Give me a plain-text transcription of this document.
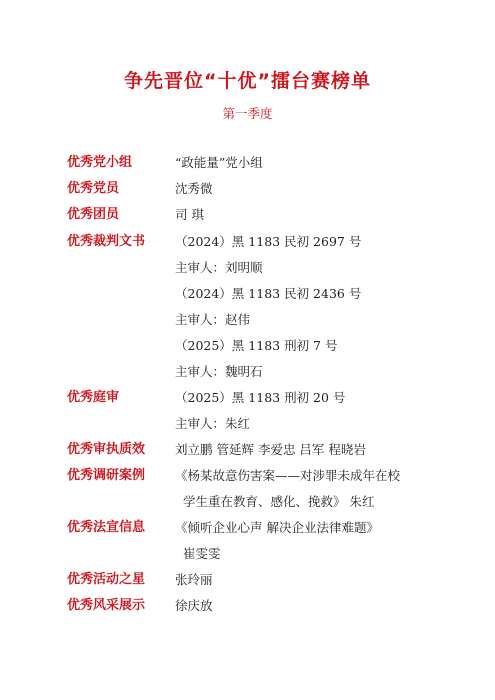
争先晋位“十优”擂台赛榜单
第一季度
优秀党小组	“政能量”党小组
优秀党员	沈秀微
优秀团员	司 琪
优秀裁判文书 （2024）黑 1183 民初 2697 号
主审人：刘明顺
（2024）黑 1183 民初 2436 号
主审人：赵伟
（2025）黑 1183 刑初 7 号
主审人：魏明石
优秀庭审	（2025）黑 1183 刑初 20 号
主审人：朱红
优秀审执质效 刘立鹏 管延辉 李爱忠 吕军 程晓岩
优秀调研案例 《杨某故意伤害案——对涉罪未成年在校
学生重在教育、感化、挽救》 朱红
优秀法宣信息 《倾听企业心声 解决企业法律难题》
崔雯雯
优秀活动之星 张玲丽
优秀风采展示 徐庆放
